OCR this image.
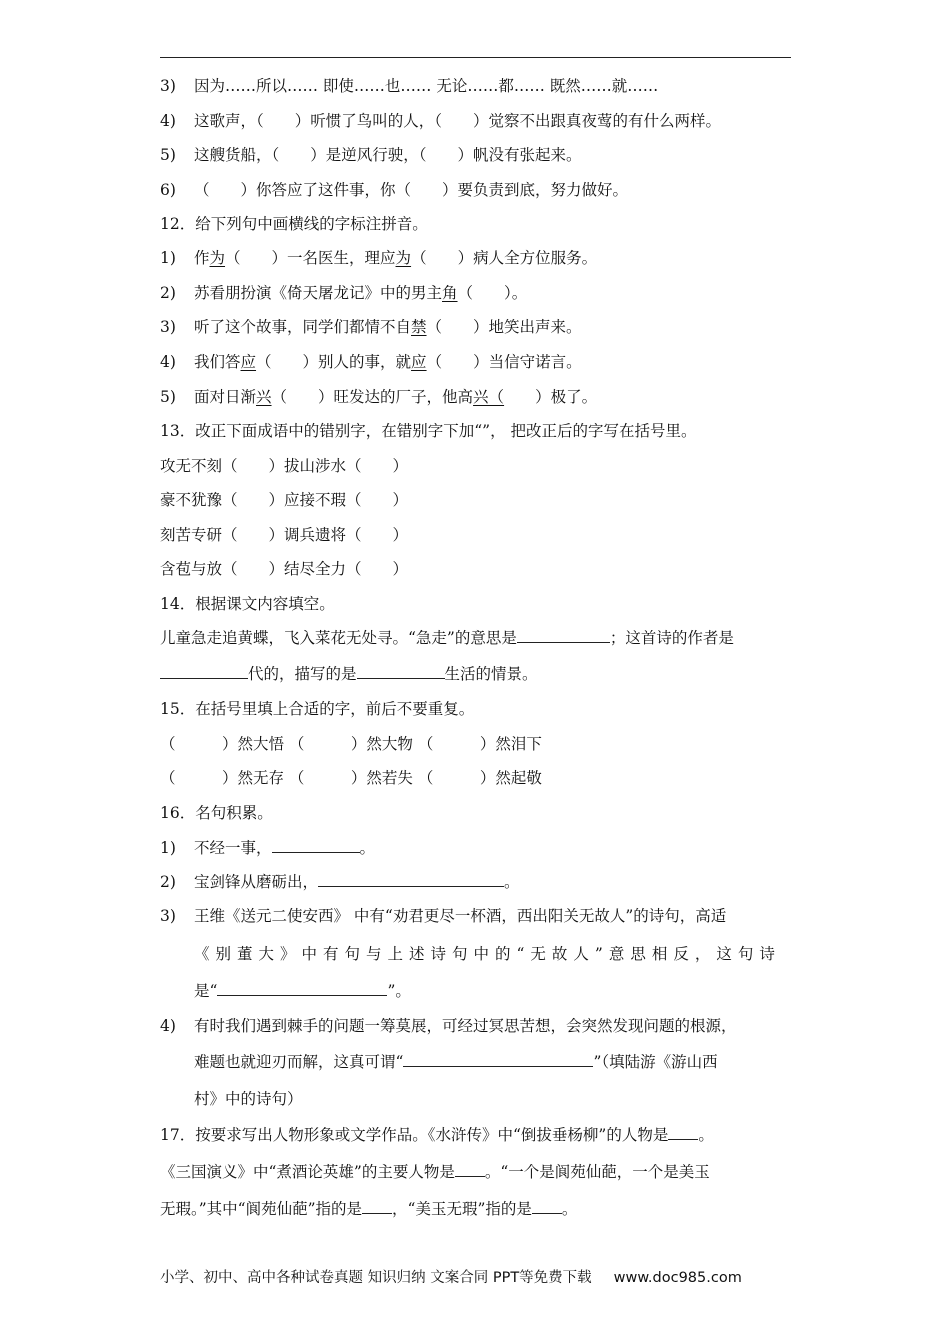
3) 因为……所以…… 即使……也…… 无论……都…… 既然……就……
4) 这歌声，（　　）听惯了鸟叫的人，（　　）觉察不出跟真夜莺的有什么两样。
5) 这艘货船，（　　）是逆风行驶，（　　）帆没有张起来。
6) （　　）你答应了这件事，你（　　）要负责到底，努力做好。
12．给下列句中画横线的字标注拼音。
1) 作为（　　）一名医生，理应为（　　）病人全方位服务。
2) 苏看朋扮演《倚天屠龙记》中的男主角（　　）。
3) 听了这个故事，同学们都情不自禁（　　）地笑出声来。
4) 我们答应（　　）别人的事，就应（　　）当信守诺言。
5) 面对日渐兴（　　）旺发达的厂子，他高兴（　　）极了。
13．改正下面成语中的错别字，在错别字下加“”， 把改正后的字写在括号里。
攻无不刻（　　）拔山涉水（　　）
豪不犹豫（　　）应接不瑕（　　）
刻苦专研（　　）调兵遗将（　　）
含苞与放（　　）结尽全力（　　）
14．根据课文内容填空。
儿童急走追黄蝶，飞入菜花无处寻。“急走”的意思是	；这首诗的作者是
代的，描写的是	生活的情景。
15．在括号里填上合适的字，前后不要重复。
（　　　）然大悟 （　　　）然大物 （　　　）然泪下
（　　　）然无存 （　　　）然若失 （　　　）然起敬
16．名句积累。
1) 不经一事，	。
2) 宝剑锋从磨砺出，	。
3) 王维《送元二使安西》 中有“劝君更尽一杯酒，西出阳关无故人”的诗句，高适
《别董大》中有句与上述诗句中的“无故人”意思相反，这句诗
是“	”。
4) 有时我们遇到棘手的问题一筹莫展，可经过冥思苦想，会突然发现问题的根源，
难题也就迎刃而解，这真可谓“	”（填陆游《游山西
村》中的诗句）
17．按要求写出人物形象或文学作品。《水浒传》中“倒拔垂杨柳”的人物是 。
《三国演义》中“煮酒论英雄”的主要人物是 。“一个是阆苑仙葩，一个是美玉
无瑕。”其中“阆苑仙葩”指的是 ，“美玉无瑕”指的是 。
小学、初中、高中各种试卷真题 知识归纳 文案合同 PPT等免费下载 www.doc985.com
